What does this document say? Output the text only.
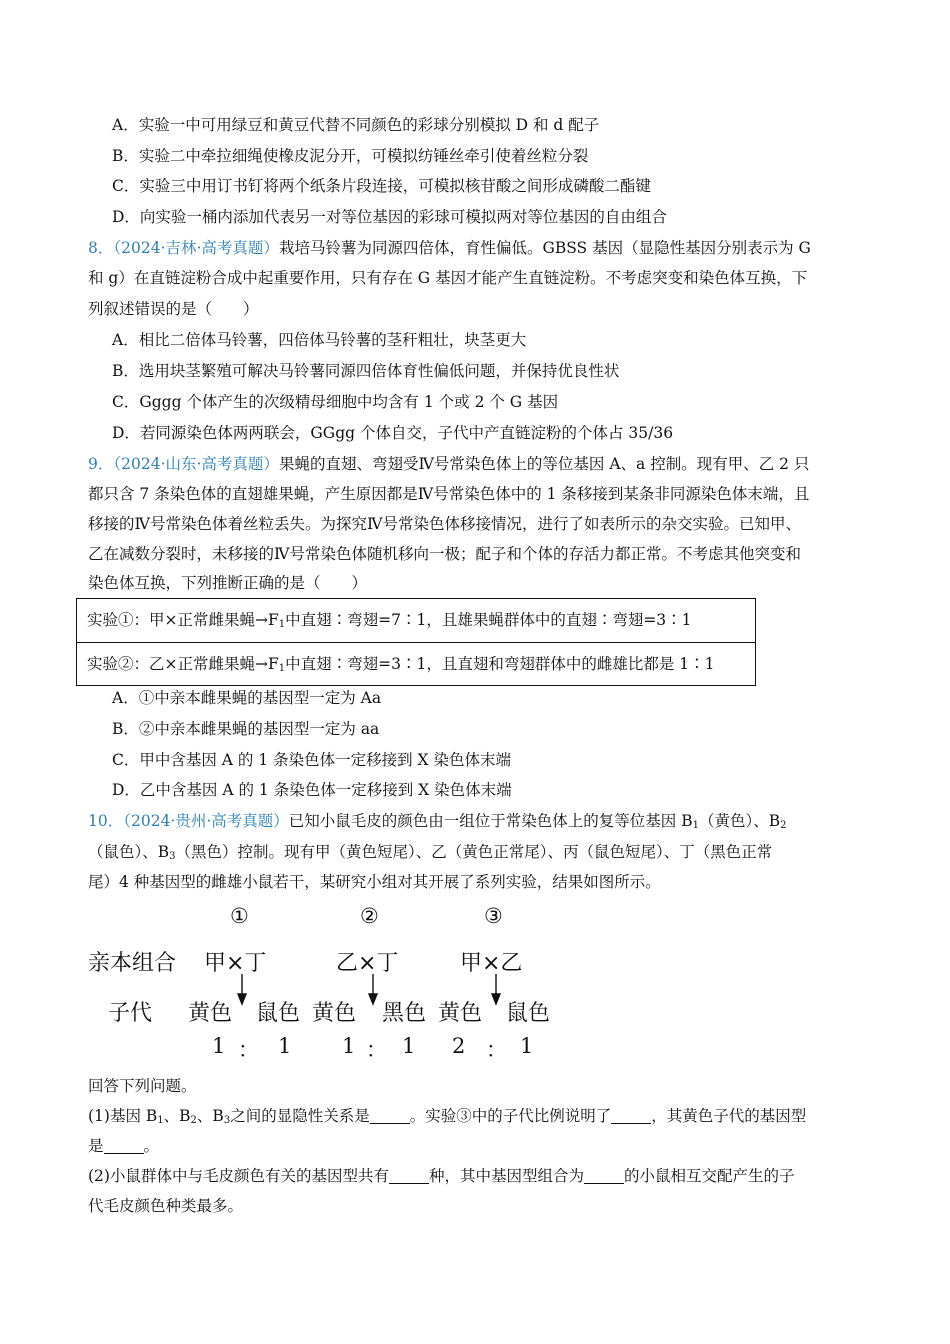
A．实验一中可用绿豆和黄豆代替不同颜色的彩球分别模拟 D 和 d 配子
B．实验二中牵拉细绳使橡皮泥分开，可模拟纺锤丝牵引使着丝粒分裂
C．实验三中用订书钉将两个纸条片段连接，可模拟核苷酸之间形成磷酸二酯键
D．向实验一桶内添加代表另一对等位基因的彩球可模拟两对等位基因的自由组合
8．（2024·吉林·高考真题）栽培马铃薯为同源四倍体，育性偏低。GBSS 基因（显隐性基因分别表示为 G
和 g）在直链淀粉合成中起重要作用，只有存在 G 基因才能产生直链淀粉。不考虑突变和染色体互换，下
列叙述错误的是（　　）
A．相比二倍体马铃薯，四倍体马铃薯的茎秆粗壮，块茎更大
B．选用块茎繁殖可解决马铃薯同源四倍体育性偏低问题，并保持优良性状
C．Gggg 个体产生的次级精母细胞中均含有 1 个或 2 个 G 基因
D．若同源染色体两两联会，GGgg 个体自交，子代中产直链淀粉的个体占 35/36
9．（2024·山东·高考真题）果蝇的直翅、弯翅受Ⅳ号常染色体上的等位基因 A、a 控制。现有甲、乙 2 只
都只含 7 条染色体的直翅雄果蝇，产生原因都是Ⅳ号常染色体中的 1 条移接到某条非同源染色体末端，且
移接的Ⅳ号常染色体着丝粒丢失。为探究Ⅳ号常染色体移接情况，进行了如表所示的杂交实验。已知甲、
乙在减数分裂时，未移接的Ⅳ号常染色体随机移向一极；配子和个体的存活力都正常。不考虑其他突变和
染色体互换，下列推断正确的是（　　）
实验①：甲×正常雌果蝇$\to F_1$中直翅∶弯翅=7∶1，且雄果蝇群体中的直翅∶弯翅=3∶1
实验②：乙×正常雌果蝇$\to F_1$中直翅∶弯翅=3∶1，且直翅和弯翅群体中的雌雄比都是 1∶1
A．①中亲本雌果蝇的基因型一定为 Aa
B．②中亲本雌果蝇的基因型一定为 aa
C．甲中含基因 A 的 1 条染色体一定移接到 X 染色体末端
D．乙中含基因 A 的 1 条染色体一定移接到 X 染色体末端
10．（2024·贵州·高考真题）已知小鼠毛皮的颜色由一组位于常染色体上的复等位基因 $B_1$（黄色）、$B_2$
（鼠色）、$B_3$（黑色）控制。现有甲（黄色短尾）、乙（黄色正常尾）、丙（鼠色短尾）、丁（黑色正常
尾）4 种基因型的雌雄小鼠若干，某研究小组对其开展了系列实验，结果如图所示。
①	②	③
亲本组合 甲×丁	乙×丁	甲×乙
子代 黄色 鼠色 黄色 黑色 黄色 鼠色
1 ： 1 1 ： 1 2 ： 1
回答下列问题。
(1)基因 $B_1$、$B_2$、$B_3$之间的显隐性关系是	。实验③中的子代比例说明了	，其黄色子代的基因型
是	。
(2)小鼠群体中与毛皮颜色有关的基因型共有	种，其中基因型组合为	的小鼠相互交配产生的子
代毛皮颜色种类最多。
